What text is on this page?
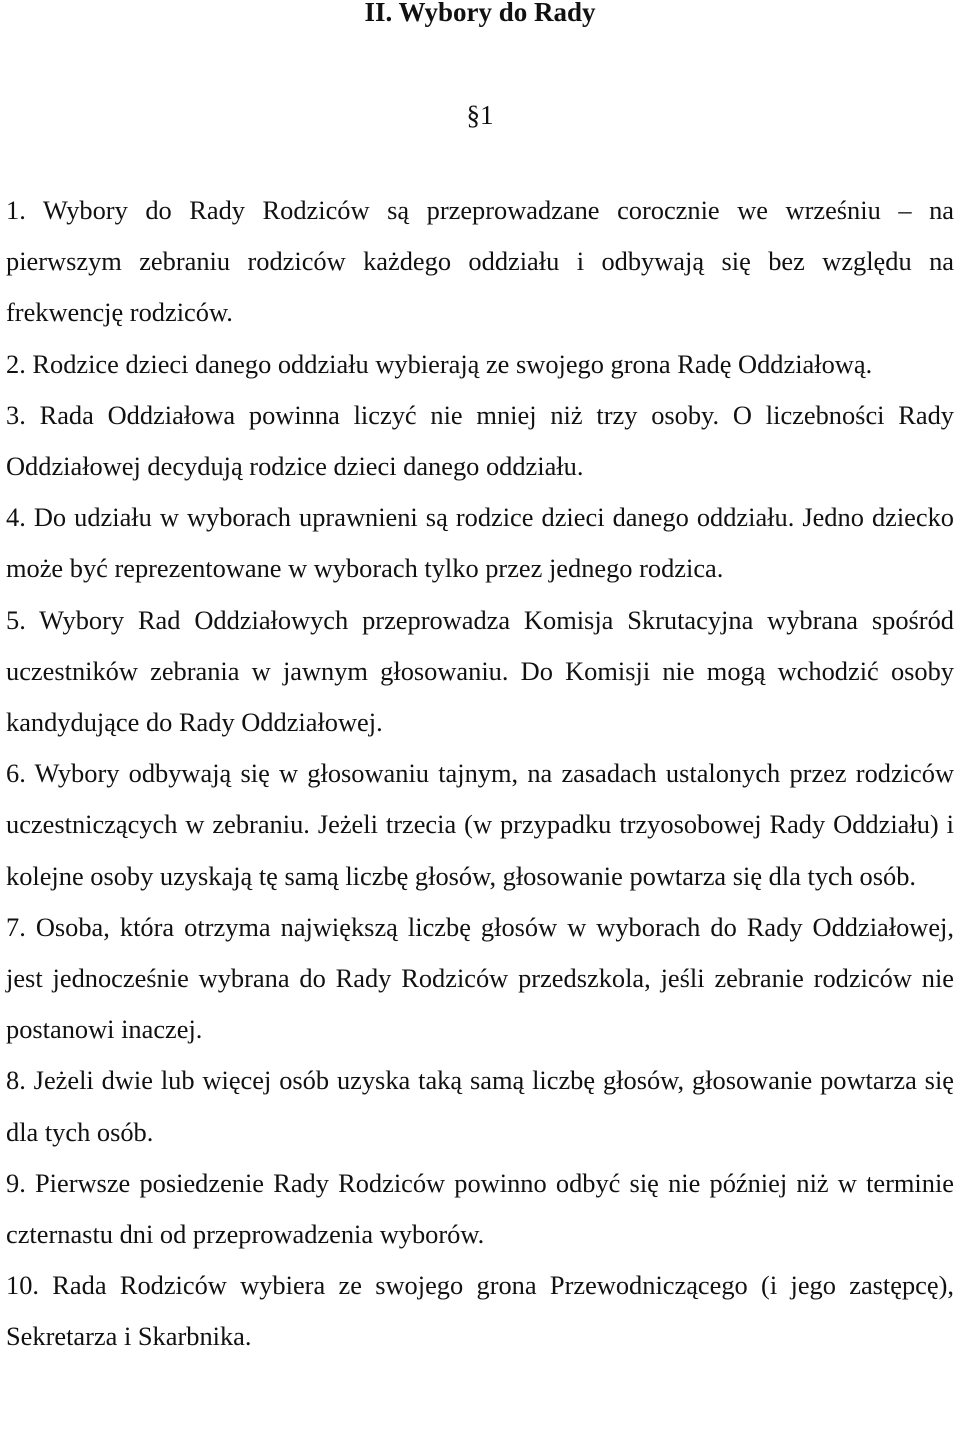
II. Wybory do Rady
§1

1. Wybory do Rady Rodziców są przeprowadzane corocznie we wrześniu – na pierwszym zebraniu rodziców każdego oddziału i odbywają się bez względu na frekwencję rodziców.

2. Rodzice dzieci danego oddziału wybierają ze swojego grona Radę Oddziałową.

3. Rada Oddziałowa powinna liczyć nie mniej niż trzy osoby. O liczebności Rady Oddziałowej decydują rodzice dzieci danego oddziału.

4. Do udziału w wyborach uprawnieni są rodzice dzieci danego oddziału. Jedno dziecko może być reprezentowane w wyborach tylko przez jednego rodzica.

5. Wybory Rad Oddziałowych przeprowadza Komisja Skrutacyjna wybrana spośród uczestników zebrania w jawnym głosowaniu. Do Komisji nie mogą wchodzić osoby kandydujące do Rady Oddziałowej.

6. Wybory odbywają się w głosowaniu tajnym, na zasadach ustalonych przez rodziców uczestniczących w zebraniu. Jeżeli trzecia (w przypadku trzyosobowej Rady Oddziału) i kolejne osoby uzyskają tę samą liczbę głosów, głosowanie powtarza się dla tych osób.

7. Osoba, która otrzyma największą liczbę głosów w wyborach do Rady Oddziałowej, jest jednocześnie wybrana do Rady Rodziców przedszkola, jeśli zebranie rodziców nie postanowi inaczej.

8. Jeżeli dwie lub więcej osób uzyska taką samą liczbę głosów, głosowanie powtarza się dla tych osób.

9. Pierwsze posiedzenie Rady Rodziców powinno odbyć się nie później niż w terminie czternastu dni od przeprowadzenia wyborów.

10. Rada Rodziców wybiera ze swojego grona Przewodniczącego (i jego zastępcę), Sekretarza i Skarbnika.
